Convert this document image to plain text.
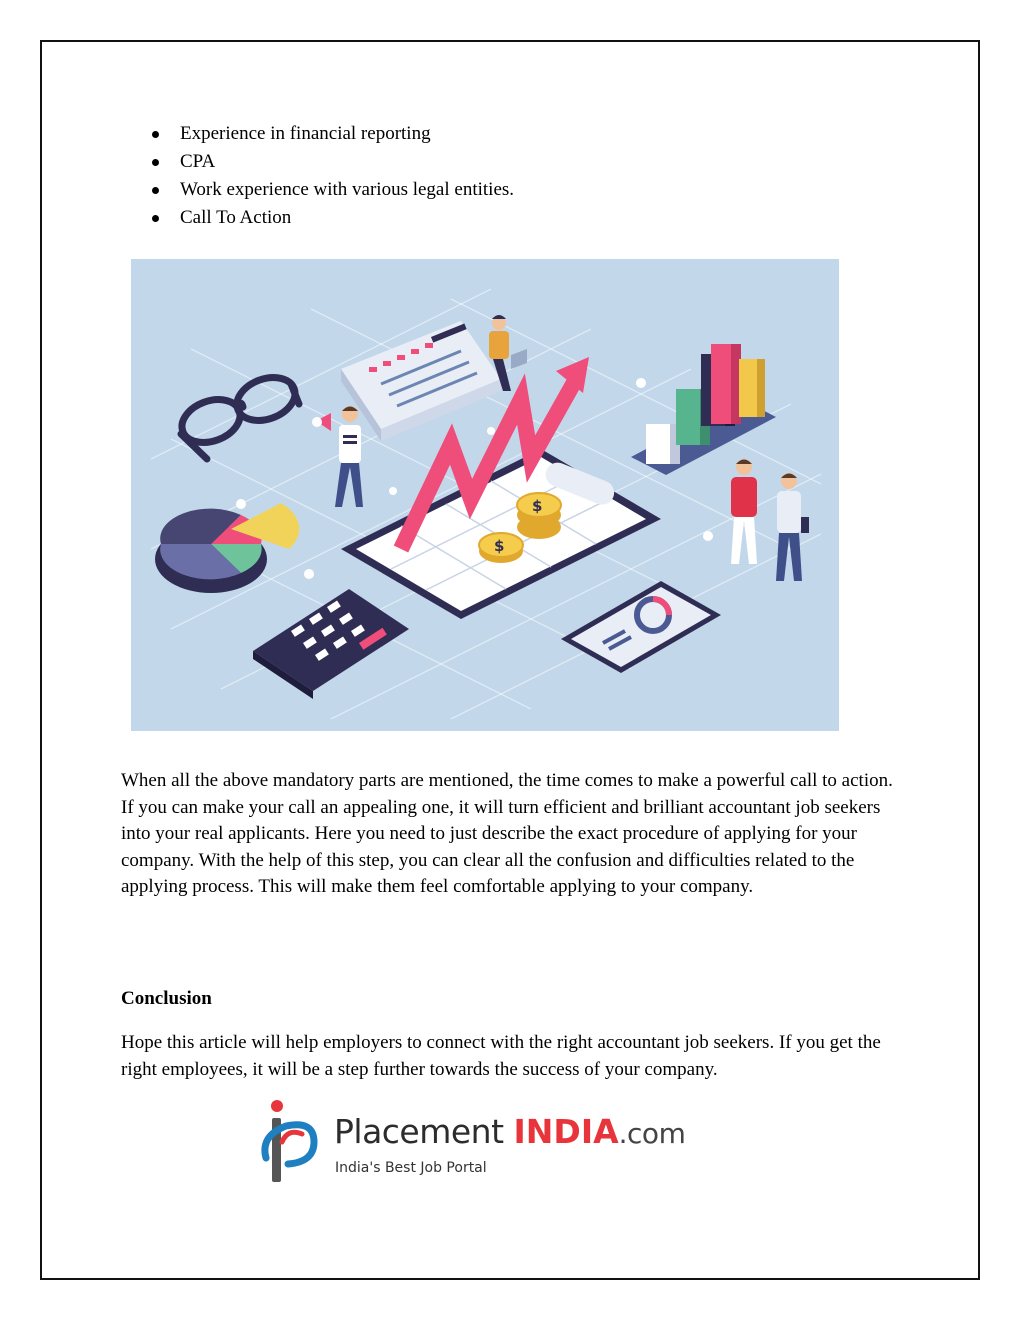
Experience in financial reporting
CPA
Work experience with various legal entities.
Call To Action
$
$

When all the above mandatory parts are mentioned, the time comes to make a powerful call to action. If you can make your call an appealing one, it will turn efficient and brilliant accountant job seekers into your real applicants. Here you need to just describe the exact procedure of applying for your company. With the help of this step, you can clear all the confusion and difficulties related to the applying process. This will make them feel comfortable applying to your company.

Conclusion

Hope this article will help employers to connect with the right accountant job seekers. If you get the right employees, it will be a step further towards the success of your company.

Placement INDIA.com
India's Best Job Portal
